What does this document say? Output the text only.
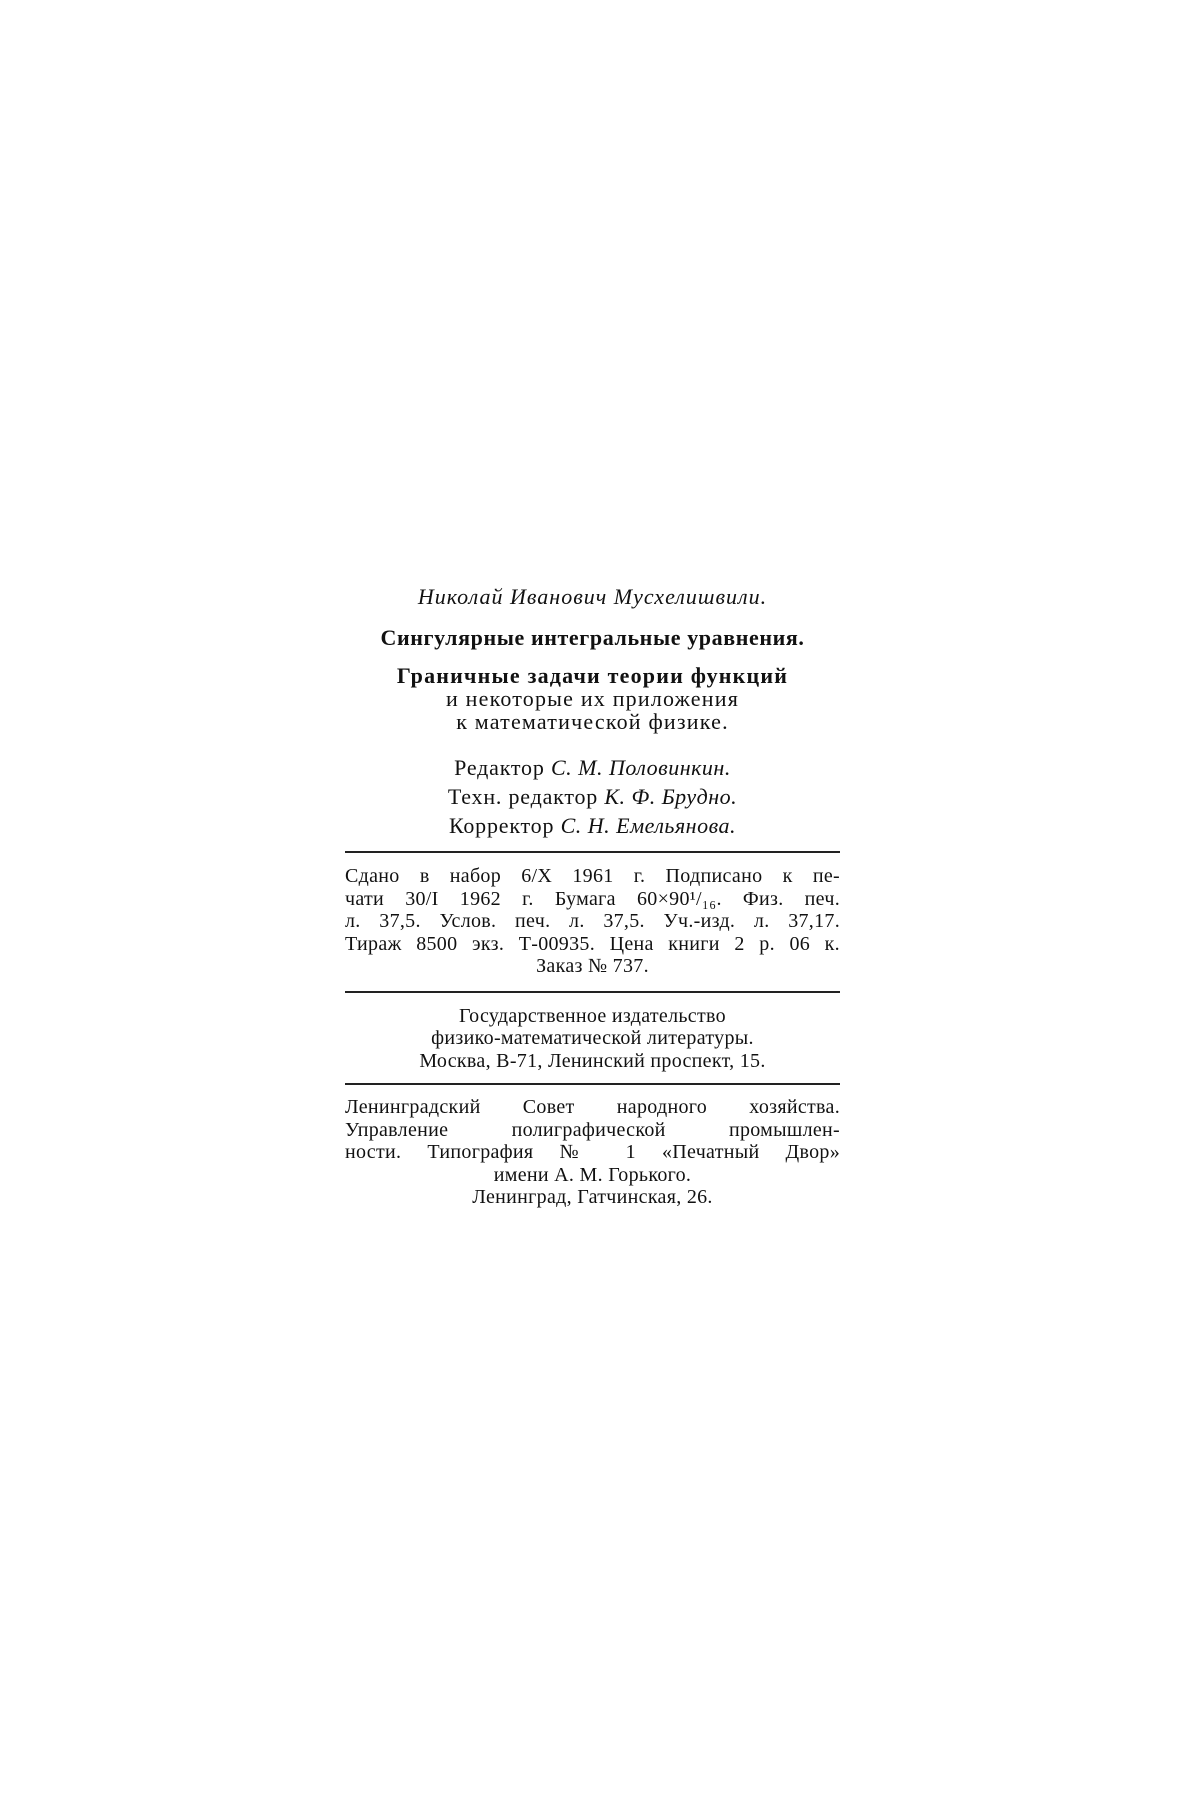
Николай Иванович Мусхелишвили.

Сингулярные интегральные уравнения.

Граничные задачи теории функций

и некоторые их приложения

к математической физике.

Редактор С. М. Половинкин.

Техн. редактор К. Ф. Брудно.

Корректор С. Н. Емельянова.

Сдано в набор 6/X 1961 г. Подписано к пе-

чати 30/I 1962 г. Бумага 60×90¹/₁₆. Физ. печ.

л. 37,5. Услов. печ. л. 37,5. Уч.-изд. л. 37,17.

Тираж 8500 экз. Т-00935. Цена книги 2 р. 06 к.

Заказ № 737.

Государственное издательство

физико-математической литературы.

Москва, В-71, Ленинский проспект, 15.

Ленинградский Совет народного хозяйства.

Управление полиграфической промышлен-

ности. Типография № 1 «Печатный Двор»

имени А. М. Горького.

Ленинград, Гатчинская, 26.
